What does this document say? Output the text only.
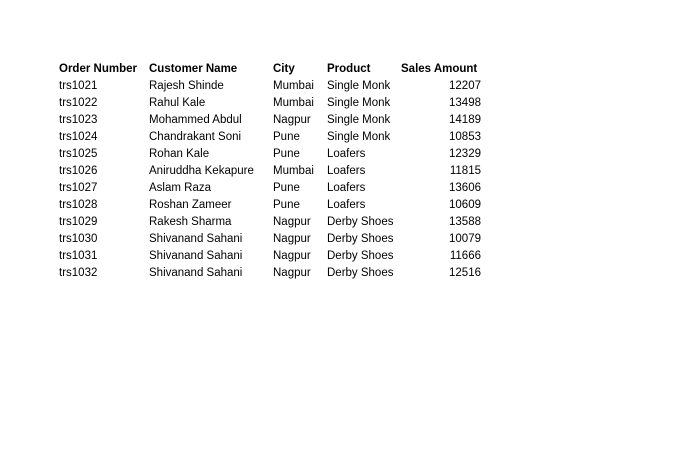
Order Number	Customer Name	City	Product	Sales Amount
trs1021	Rajesh Shinde	Mumbai	Single Monk	12207
trs1022	Rahul Kale	Mumbai	Single Monk	13498
trs1023	Mohammed Abdul	Nagpur	Single Monk	14189
trs1024	Chandrakant Soni	Pune	Single Monk	10853
trs1025	Rohan Kale	Pune	Loafers	12329
trs1026	Aniruddha Kekapure	Mumbai	Loafers	11815
trs1027	Aslam Raza	Pune	Loafers	13606
trs1028	Roshan Zameer	Pune	Loafers	10609
trs1029	Rakesh Sharma	Nagpur	Derby Shoes	13588
trs1030	Shivanand Sahani	Nagpur	Derby Shoes	10079
trs1031	Shivanand Sahani	Nagpur	Derby Shoes	11666
trs1032	Shivanand Sahani	Nagpur	Derby Shoes	12516
